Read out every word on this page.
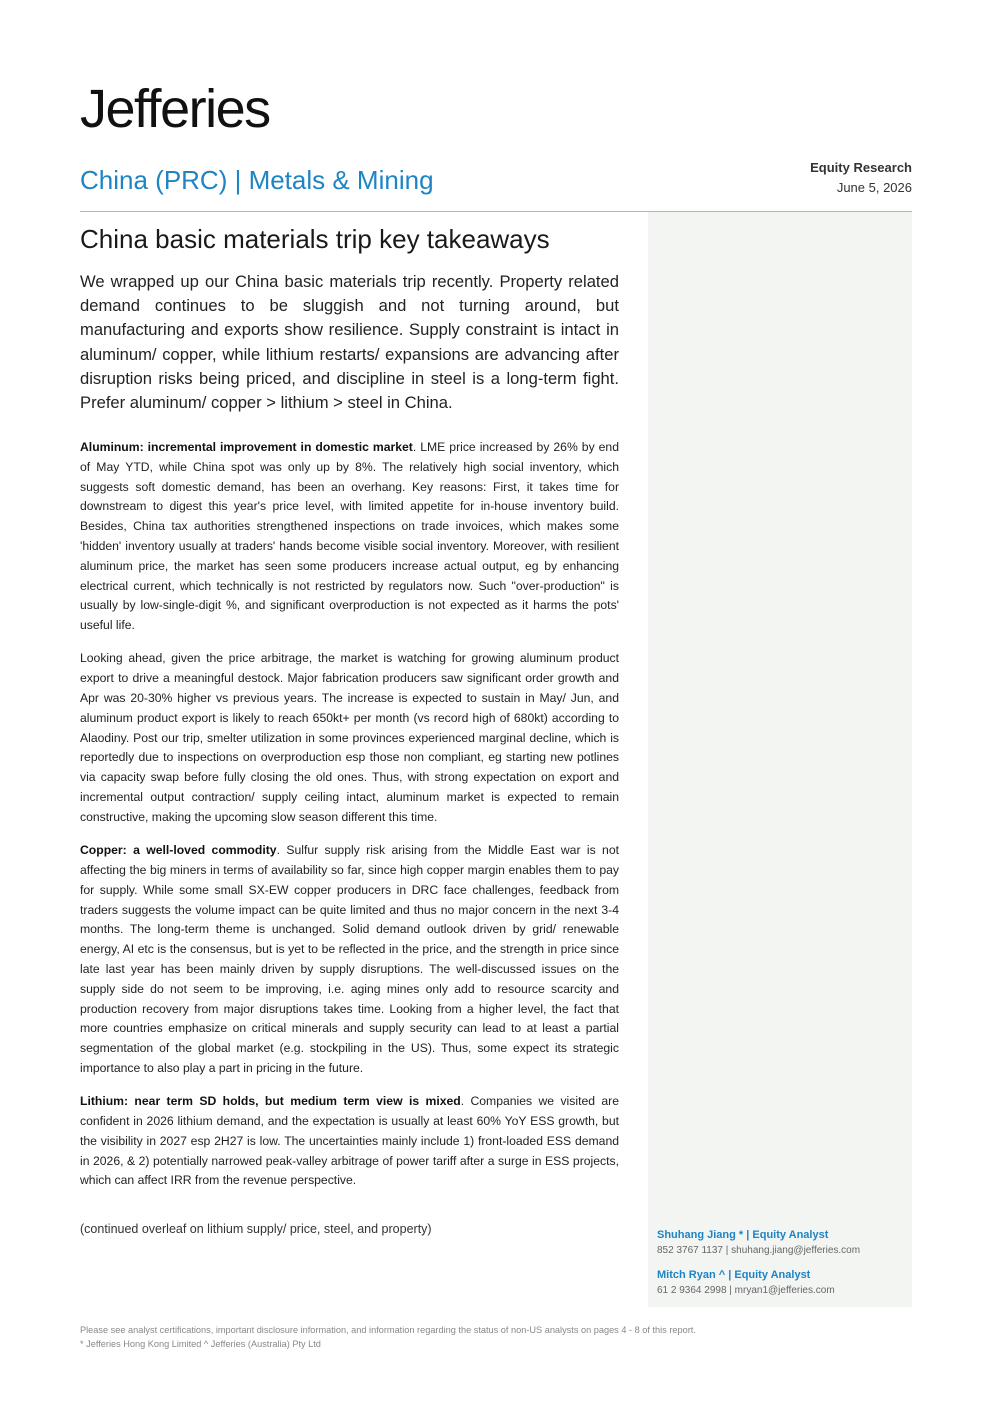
Jefferies
China (PRC) | Metals & Mining	Equity Research
June 5, 2026
China basic materials trip key takeaways
We wrapped up our China basic materials trip recently. Property related demand continues to be sluggish and not turning around, but manufacturing and exports show resilience. Supply constraint is intact in aluminum/ copper, while lithium restarts/ expansions are advancing after disruption risks being priced, and discipline in steel is a long-term fight. Prefer aluminum/ copper > lithium > steel in China.

Aluminum: incremental improvement in domestic market. LME price increased by 26% by end of May YTD, while China spot was only up by 8%. The relatively high social inventory, which suggests soft domestic demand, has been an overhang. Key reasons: First, it takes time for downstream to digest this year's price level, with limited appetite for in-house inventory build. Besides, China tax authorities strengthened inspections on trade invoices, which makes some 'hidden' inventory usually at traders' hands become visible social inventory. Moreover, with resilient aluminum price, the market has seen some producers increase actual output, eg by enhancing electrical current, which technically is not restricted by regulators now. Such "over-production" is usually by low-single-digit %, and significant overproduction is not expected as it harms the pots' useful life.

Looking ahead, given the price arbitrage, the market is watching for growing aluminum product export to drive a meaningful destock. Major fabrication producers saw significant order growth and Apr was 20-30% higher vs previous years. The increase is expected to sustain in May/ Jun, and aluminum product export is likely to reach 650kt+ per month (vs record high of 680kt) according to Alaodiny. Post our trip, smelter utilization in some provinces experienced marginal decline, which is reportedly due to inspections on overproduction esp those non compliant, eg starting new potlines via capacity swap before fully closing the old ones. Thus, with strong expectation on export and incremental output contraction/ supply ceiling intact, aluminum market is expected to remain constructive, making the upcoming slow season different this time.

Copper: a well-loved commodity. Sulfur supply risk arising from the Middle East war is not affecting the big miners in terms of availability so far, since high copper margin enables them to pay for supply. While some small SX-EW copper producers in DRC face challenges, feedback from traders suggests the volume impact can be quite limited and thus no major concern in the next 3-4 months. The long-term theme is unchanged. Solid demand outlook driven by grid/ renewable energy, AI etc is the consensus, but is yet to be reflected in the price, and the strength in price since late last year has been mainly driven by supply disruptions. The well-discussed issues on the supply side do not seem to be improving, i.e. aging mines only add to resource scarcity and production recovery from major disruptions takes time. Looking from a higher level, the fact that more countries emphasize on critical minerals and supply security can lead to at least a partial segmentation of the global market (e.g. stockpiling in the US). Thus, some expect its strategic importance to also play a part in pricing in the future.

Lithium: near term SD holds, but medium term view is mixed. Companies we visited are confident in 2026 lithium demand, and the expectation is usually at least 60% YoY ESS growth, but the visibility in 2027 esp 2H27 is low. The uncertainties mainly include 1) front-loaded ESS demand in 2026, & 2) potentially narrowed peak-valley arbitrage of power tariff after a surge in ESS projects, which can affect IRR from the revenue perspective.

(continued overleaf on lithium supply/ price, steel, and property)	Shuhang Jiang * | Equity Analyst
852 3767 1137 | shuhang.jiang@jefferies.com
Mitch Ryan ^ | Equity Analyst
61 2 9364 2998 | mryan1@jefferies.com
Please see analyst certifications, important disclosure information, and information regarding the status of non-US analysts on pages 4 - 8 of this report.
* Jefferies Hong Kong Limited ^ Jefferies (Australia) Pty Ltd
